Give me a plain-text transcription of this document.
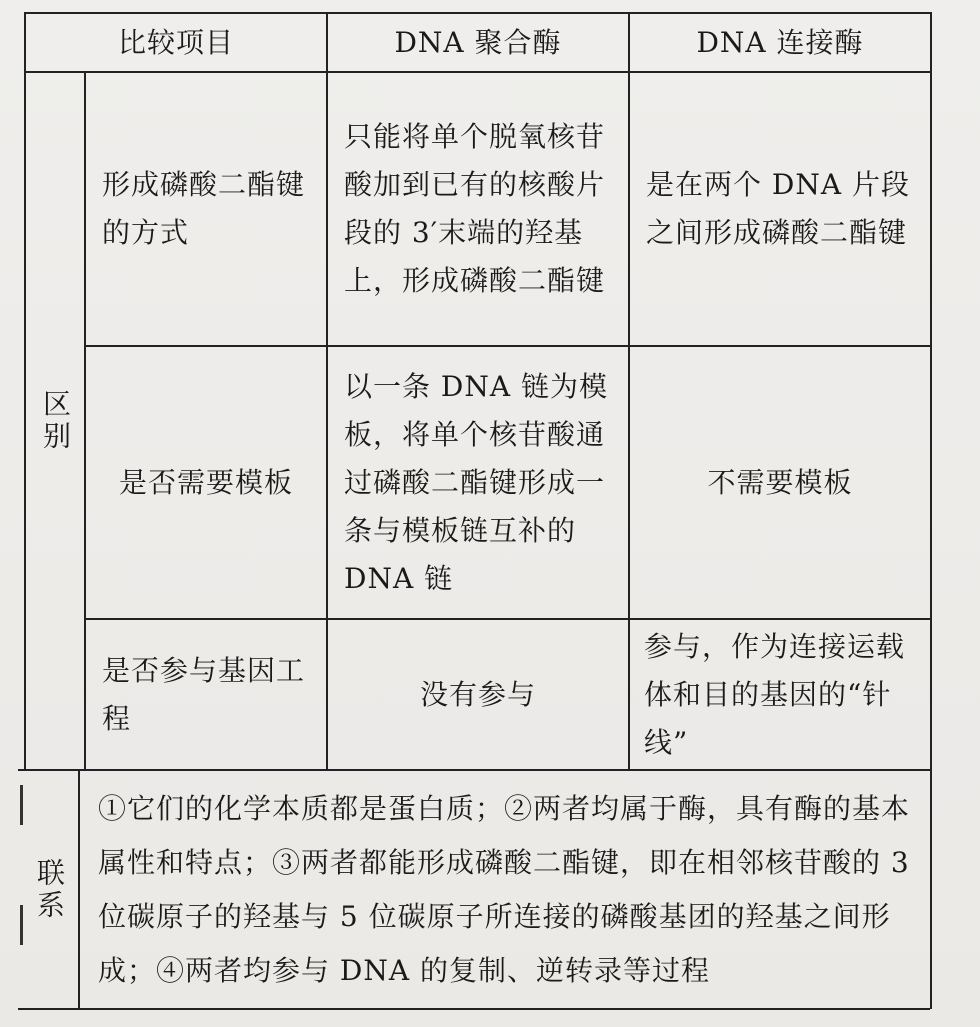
比较项目	DNA 聚合酶	DNA 连接酶
区别
形成磷酸二酯键的方式
只能将单个脱氧核苷酸加到已有的核酸片段的 3′末端的羟基上，形成磷酸二酯键
是在两个 DNA 片段之间形成磷酸二酯键
是否需要模板
以一条 DNA 链为模板，将单个核苷酸通过磷酸二酯键形成一条与模板链互补的 DNA 链
不需要模板
是否参与基因工程
没有参与
参与，作为连接运载体和目的基因的“针线”
联系
①它们的化学本质都是蛋白质；②两者均属于酶，具有酶的基本属性和特点；③两者都能形成磷酸二酯键，即在相邻核苷酸的 3 位碳原子的羟基与 5 位碳原子所连接的磷酸基团的羟基之间形成；④两者均参与 DNA 的复制、逆转录等过程
